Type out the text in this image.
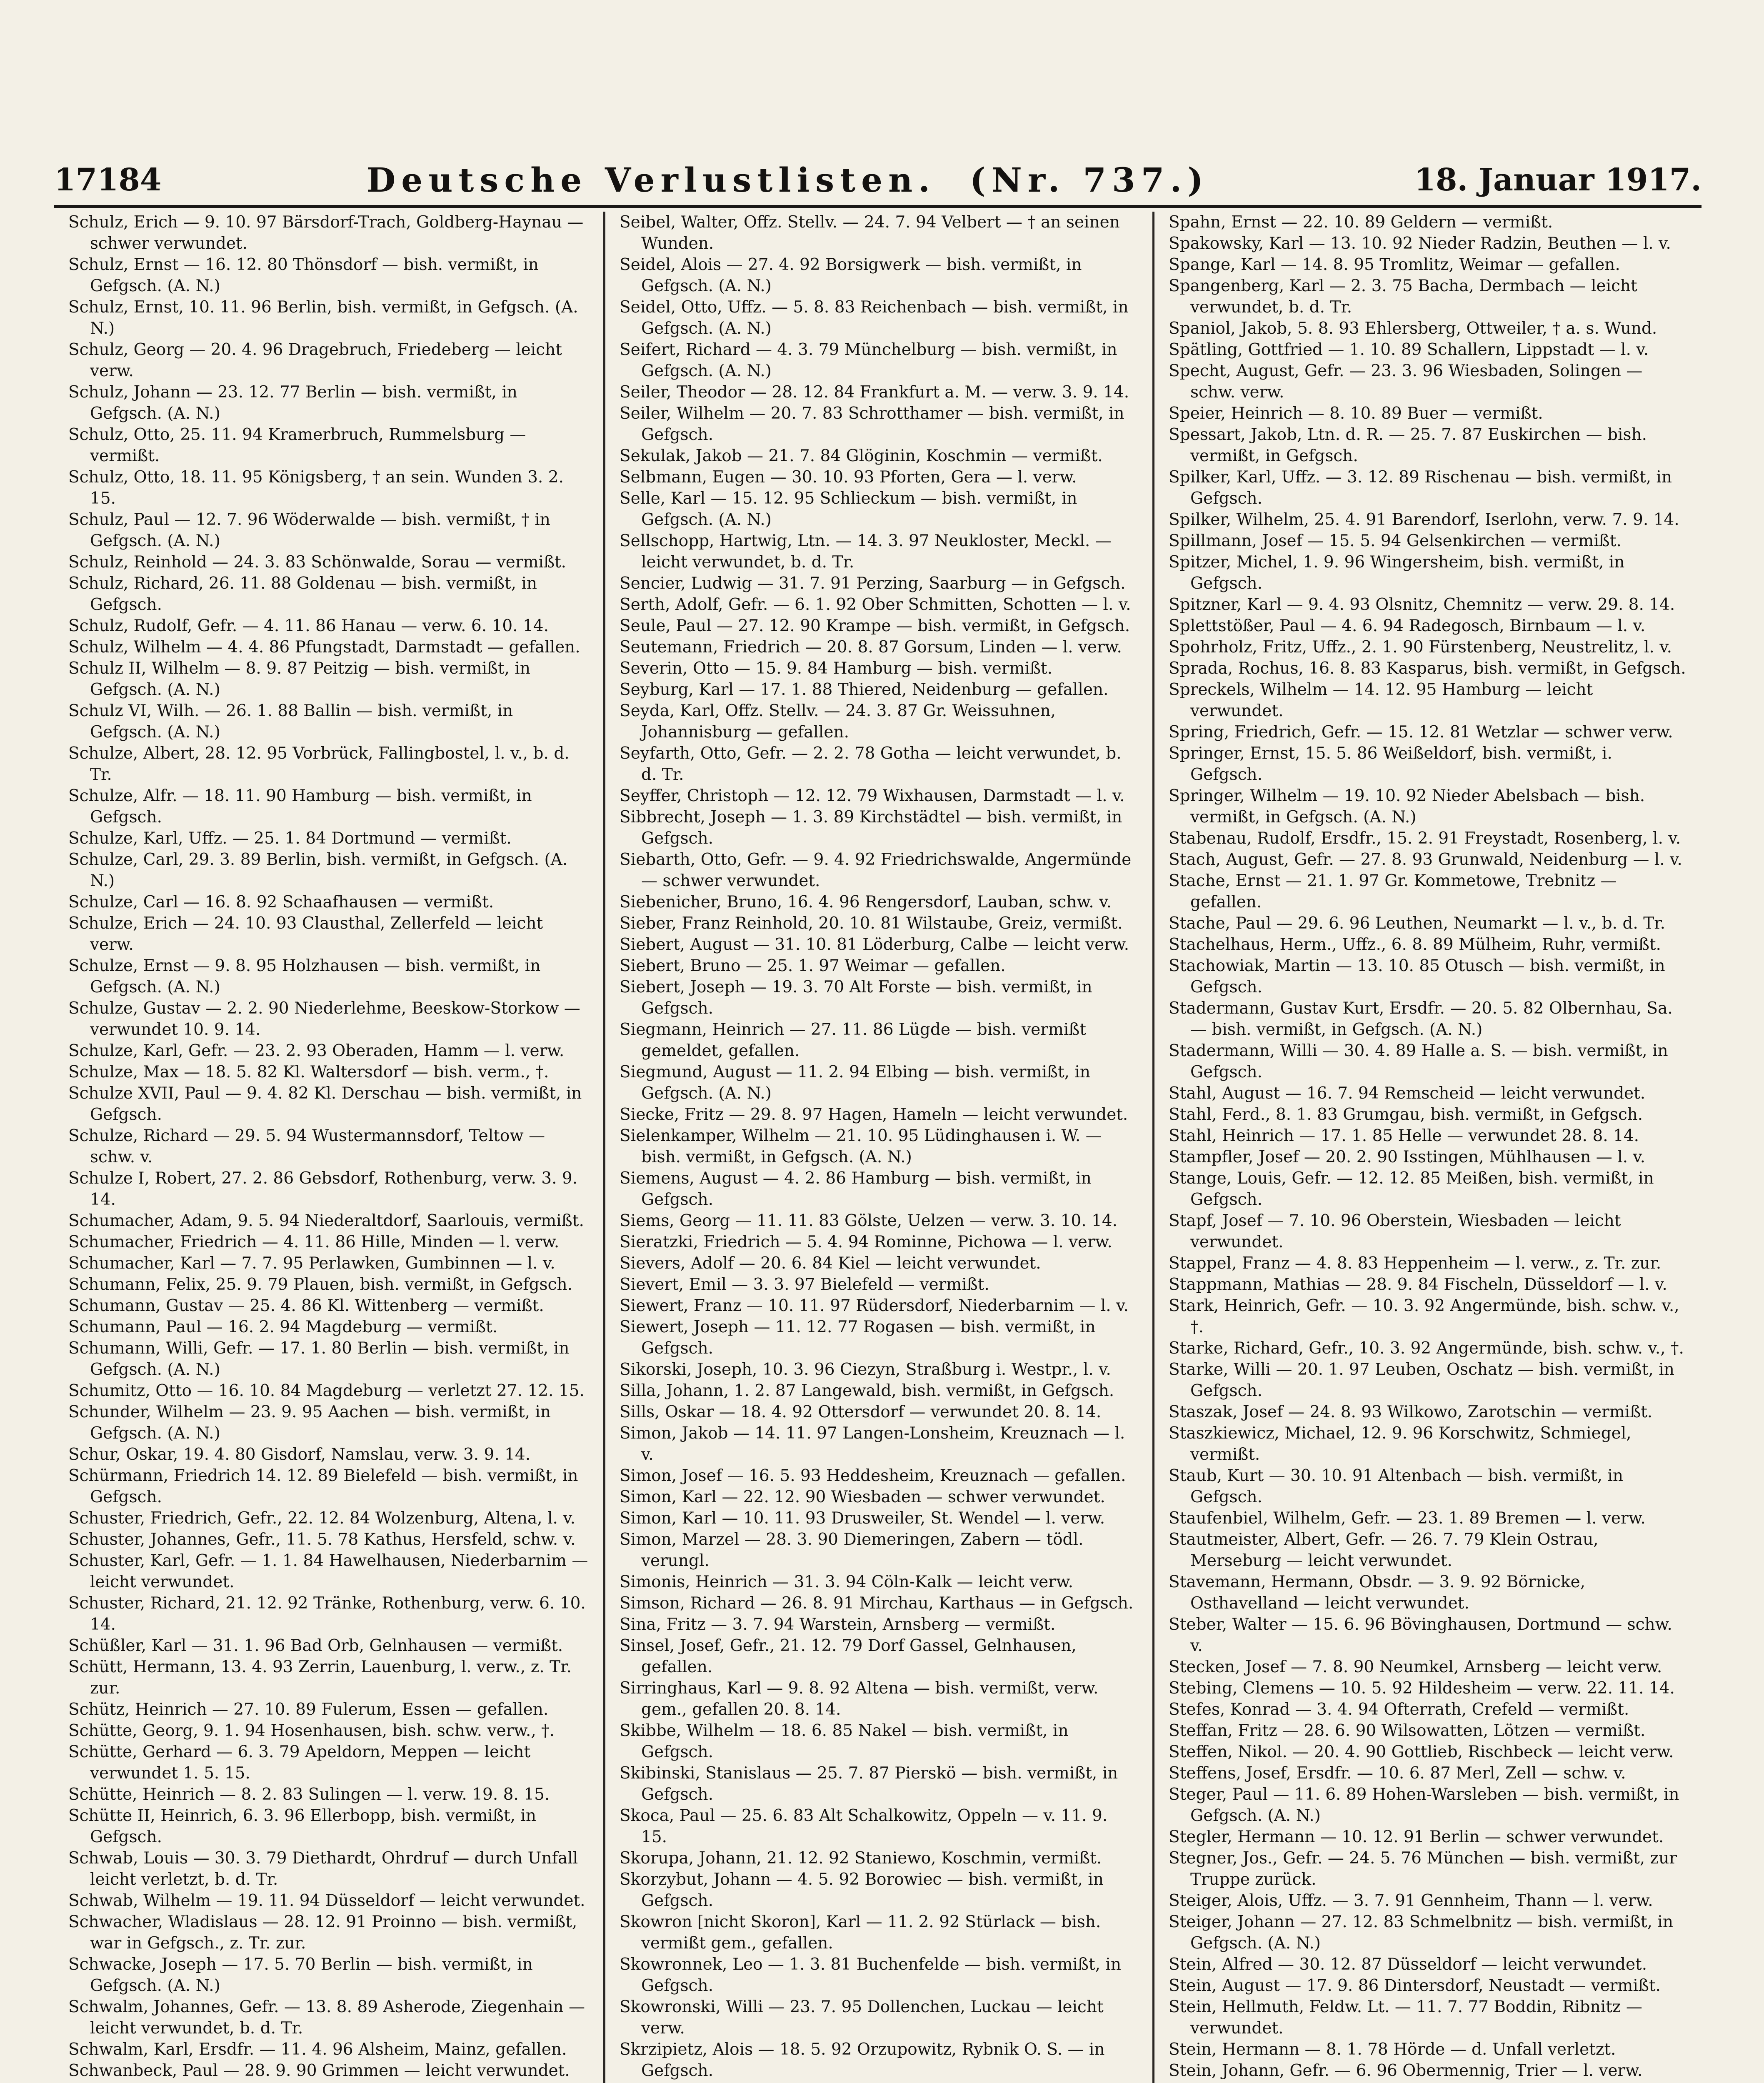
17184	Deutsche Verlustlisten. (Nr. 737.)	18. Januar 1917.

Schulz, Erich — 9. 10. 97 Bärsdorf-Trach, Goldberg-Haynau — schwer verwundet.

Schulz, Ernst — 16. 12. 80 Thönsdorf — bish. vermißt, in Gefgsch. (A. N.)

Schulz, Ernst, 10. 11. 96 Berlin, bish. vermißt, in Gefgsch. (A. N.)

Schulz, Georg — 20. 4. 96 Dragebruch, Friedeberg — leicht verw.

Schulz, Johann — 23. 12. 77 Berlin — bish. vermißt, in Gefgsch. (A. N.)

Schulz, Otto, 25. 11. 94 Kramerbruch, Rummelsburg — vermißt.

Schulz, Otto, 18. 11. 95 Königsberg, † an sein. Wunden 3. 2. 15.

Schulz, Paul — 12. 7. 96 Wöderwalde — bish. vermißt, † in Gefgsch. (A. N.)

Schulz, Reinhold — 24. 3. 83 Schönwalde, Sorau — vermißt.

Schulz, Richard, 26. 11. 88 Goldenau — bish. vermißt, in Gefgsch.

Schulz, Rudolf, Gefr. — 4. 11. 86 Hanau — verw. 6. 10. 14.

Schulz, Wilhelm — 4. 4. 86 Pfungstadt, Darmstadt — gefallen.

Schulz II, Wilhelm — 8. 9. 87 Peitzig — bish. vermißt, in Gefgsch. (A. N.)

Schulz VI, Wilh. — 26. 1. 88 Ballin — bish. vermißt, in Gefgsch. (A. N.)

Schulze, Albert, 28. 12. 95 Vorbrück, Fallingbostel, l. v., b. d. Tr.

Schulze, Alfr. — 18. 11. 90 Hamburg — bish. vermißt, in Gefgsch.

Schulze, Karl, Uffz. — 25. 1. 84 Dortmund — vermißt.

Schulze, Carl, 29. 3. 89 Berlin, bish. vermißt, in Gefgsch. (A. N.)

Schulze, Carl — 16. 8. 92 Schaafhausen — vermißt.

Schulze, Erich — 24. 10. 93 Clausthal, Zellerfeld — leicht verw.

Schulze, Ernst — 9. 8. 95 Holzhausen — bish. vermißt, in Gefgsch. (A. N.)

Schulze, Gustav — 2. 2. 90 Niederlehme, Beeskow-Storkow — verwundet 10. 9. 14.

Schulze, Karl, Gefr. — 23. 2. 93 Oberaden, Hamm — l. verw.

Schulze, Max — 18. 5. 82 Kl. Waltersdorf — bish. verm., †.

Schulze XVII, Paul — 9. 4. 82 Kl. Derschau — bish. vermißt, in Gefgsch.

Schulze, Richard — 29. 5. 94 Wustermannsdorf, Teltow — schw. v.

Schulze I, Robert, 27. 2. 86 Gebsdorf, Rothenburg, verw. 3. 9. 14.

Schumacher, Adam, 9. 5. 94 Niederaltdorf, Saarlouis, vermißt.

Schumacher, Friedrich — 4. 11. 86 Hille, Minden — l. verw.

Schumacher, Karl — 7. 7. 95 Perlawken, Gumbinnen — l. v.

Schumann, Felix, 25. 9. 79 Plauen, bish. vermißt, in Gefgsch.

Schumann, Gustav — 25. 4. 86 Kl. Wittenberg — vermißt.

Schumann, Paul — 16. 2. 94 Magdeburg — vermißt.

Schumann, Willi, Gefr. — 17. 1. 80 Berlin — bish. vermißt, in Gefgsch. (A. N.)

Schumitz, Otto — 16. 10. 84 Magdeburg — verletzt 27. 12. 15.

Schunder, Wilhelm — 23. 9. 95 Aachen — bish. vermißt, in Gefgsch. (A. N.)

Schur, Oskar, 19. 4. 80 Gisdorf, Namslau, verw. 3. 9. 14.

Schürmann, Friedrich 14. 12. 89 Bielefeld — bish. vermißt, in Gefgsch.

Schuster, Friedrich, Gefr., 22. 12. 84 Wolzenburg, Altena, l. v.

Schuster, Johannes, Gefr., 11. 5. 78 Kathus, Hersfeld, schw. v.

Schuster, Karl, Gefr. — 1. 1. 84 Hawelhausen, Niederbarnim — leicht verwundet.

Schuster, Richard, 21. 12. 92 Tränke, Rothenburg, verw. 6. 10. 14.

Schüßler, Karl — 31. 1. 96 Bad Orb, Gelnhausen — vermißt.

Schütt, Hermann, 13. 4. 93 Zerrin, Lauenburg, l. verw., z. Tr. zur.

Schütz, Heinrich — 27. 10. 89 Fulerum, Essen — gefallen.

Schütte, Georg, 9. 1. 94 Hosenhausen, bish. schw. verw., †.

Schütte, Gerhard — 6. 3. 79 Apeldorn, Meppen — leicht verwundet 1. 5. 15.

Schütte, Heinrich — 8. 2. 83 Sulingen — l. verw. 19. 8. 15.

Schütte II, Heinrich, 6. 3. 96 Ellerbopp, bish. vermißt, in Gefgsch.

Schwab, Louis — 30. 3. 79 Diethardt, Ohrdruf — durch Unfall leicht verletzt, b. d. Tr.

Schwab, Wilhelm — 19. 11. 94 Düsseldorf — leicht verwundet.

Schwacher, Wladislaus — 28. 12. 91 Proinno — bish. vermißt, war in Gefgsch., z. Tr. zur.

Schwacke, Joseph — 17. 5. 70 Berlin — bish. vermißt, in Gefgsch. (A. N.)

Schwalm, Johannes, Gefr. — 13. 8. 89 Asherode, Ziegenhain — leicht verwundet, b. d. Tr.

Schwalm, Karl, Ersdfr. — 11. 4. 96 Alsheim, Mainz, gefallen.

Schwanbeck, Paul — 28. 9. 90 Grimmen — leicht verwundet.

Seibel, Walter, Offz. Stellv. — 24. 7. 94 Velbert — † an seinen Wunden.

Seidel, Alois — 27. 4. 92 Borsigwerk — bish. vermißt, in Gefgsch. (A. N.)

Seidel, Otto, Uffz. — 5. 8. 83 Reichenbach — bish. vermißt, in Gefgsch. (A. N.)

Seifert, Richard — 4. 3. 79 Münchelburg — bish. vermißt, in Gefgsch. (A. N.)

Seiler, Theodor — 28. 12. 84 Frankfurt a. M. — verw. 3. 9. 14.

Seiler, Wilhelm — 20. 7. 83 Schrotthamer — bish. vermißt, in Gefgsch.

Sekulak, Jakob — 21. 7. 84 Glöginin, Koschmin — vermißt.

Selbmann, Eugen — 30. 10. 93 Pforten, Gera — l. verw.

Selle, Karl — 15. 12. 95 Schlieckum — bish. vermißt, in Gefgsch. (A. N.)

Sellschopp, Hartwig, Ltn. — 14. 3. 97 Neukloster, Meckl. — leicht verwundet, b. d. Tr.

Sencier, Ludwig — 31. 7. 91 Perzing, Saarburg — in Gefgsch.

Serth, Adolf, Gefr. — 6. 1. 92 Ober Schmitten, Schotten — l. v.

Seule, Paul — 27. 12. 90 Krampe — bish. vermißt, in Gefgsch.

Seutemann, Friedrich — 20. 8. 87 Gorsum, Linden — l. verw.

Severin, Otto — 15. 9. 84 Hamburg — bish. vermißt.

Seyburg, Karl — 17. 1. 88 Thiered, Neidenburg — gefallen.

Seyda, Karl, Offz. Stellv. — 24. 3. 87 Gr. Weissuhnen, Johannisburg — gefallen.

Seyfarth, Otto, Gefr. — 2. 2. 78 Gotha — leicht verwundet, b. d. Tr.

Seyffer, Christoph — 12. 12. 79 Wixhausen, Darmstadt — l. v.

Sibbrecht, Joseph — 1. 3. 89 Kirchstädtel — bish. vermißt, in Gefgsch.

Siebarth, Otto, Gefr. — 9. 4. 92 Friedrichswalde, Angermünde — schwer verwundet.

Siebenicher, Bruno, 16. 4. 96 Rengersdorf, Lauban, schw. v.

Sieber, Franz Reinhold, 20. 10. 81 Wilstaube, Greiz, vermißt.

Siebert, August — 31. 10. 81 Löderburg, Calbe — leicht verw.

Siebert, Bruno — 25. 1. 97 Weimar — gefallen.

Siebert, Joseph — 19. 3. 70 Alt Forste — bish. vermißt, in Gefgsch.

Siegmann, Heinrich — 27. 11. 86 Lügde — bish. vermißt gemeldet, gefallen.

Siegmund, August — 11. 2. 94 Elbing — bish. vermißt, in Gefgsch. (A. N.)

Siecke, Fritz — 29. 8. 97 Hagen, Hameln — leicht verwundet.

Sielenkamper, Wilhelm — 21. 10. 95 Lüdinghausen i. W. — bish. vermißt, in Gefgsch. (A. N.)

Siemens, August — 4. 2. 86 Hamburg — bish. vermißt, in Gefgsch.

Siems, Georg — 11. 11. 83 Gölste, Uelzen — verw. 3. 10. 14.

Sieratzki, Friedrich — 5. 4. 94 Rominne, Pichowa — l. verw.

Sievers, Adolf — 20. 6. 84 Kiel — leicht verwundet.

Sievert, Emil — 3. 3. 97 Bielefeld — vermißt.

Siewert, Franz — 10. 11. 97 Rüdersdorf, Niederbarnim — l. v.

Siewert, Joseph — 11. 12. 77 Rogasen — bish. vermißt, in Gefgsch.

Sikorski, Joseph, 10. 3. 96 Ciezyn, Straßburg i. Westpr., l. v.

Silla, Johann, 1. 2. 87 Langewald, bish. vermißt, in Gefgsch.

Sills, Oskar — 18. 4. 92 Ottersdorf — verwundet 20. 8. 14.

Simon, Jakob — 14. 11. 97 Langen-Lonsheim, Kreuznach — l. v.

Simon, Josef — 16. 5. 93 Heddesheim, Kreuznach — gefallen.

Simon, Karl — 22. 12. 90 Wiesbaden — schwer verwundet.

Simon, Karl — 10. 11. 93 Drusweiler, St. Wendel — l. verw.

Simon, Marzel — 28. 3. 90 Diemeringen, Zabern — tödl. verungl.

Simonis, Heinrich — 31. 3. 94 Cöln-Kalk — leicht verw.

Simson, Richard — 26. 8. 91 Mirchau, Karthaus — in Gefgsch.

Sina, Fritz — 3. 7. 94 Warstein, Arnsberg — vermißt.

Sinsel, Josef, Gefr., 21. 12. 79 Dorf Gassel, Gelnhausen, gefallen.

Sirringhaus, Karl — 9. 8. 92 Altena — bish. vermißt, verw. gem., gefallen 20. 8. 14.

Skibbe, Wilhelm — 18. 6. 85 Nakel — bish. vermißt, in Gefgsch.

Skibinski, Stanislaus — 25. 7. 87 Pierskö — bish. vermißt, in Gefgsch.

Skoca, Paul — 25. 6. 83 Alt Schalkowitz, Oppeln — v. 11. 9. 15.

Skorupa, Johann, 21. 12. 92 Staniewo, Koschmin, vermißt.

Skorzybut, Johann — 4. 5. 92 Borowiec — bish. vermißt, in Gefgsch.

Skowron [nicht Skoron], Karl — 11. 2. 92 Stürlack — bish. vermißt gem., gefallen.

Skowronnek, Leo — 1. 3. 81 Buchenfelde — bish. vermißt, in Gefgsch.

Skowronski, Willi — 23. 7. 95 Dollenchen, Luckau — leicht verw.

Skrzipietz, Alois — 18. 5. 92 Orzupowitz, Rybnik O. S. — in Gefgsch.

Spahn, Ernst — 22. 10. 89 Geldern — vermißt.

Spakowsky, Karl — 13. 10. 92 Nieder Radzin, Beuthen — l. v.

Spange, Karl — 14. 8. 95 Tromlitz, Weimar — gefallen.

Spangenberg, Karl — 2. 3. 75 Bacha, Dermbach — leicht verwundet, b. d. Tr.

Spaniol, Jakob, 5. 8. 93 Ehlersberg, Ottweiler, † a. s. Wund.

Spätling, Gottfried — 1. 10. 89 Schallern, Lippstadt — l. v.

Specht, August, Gefr. — 23. 3. 96 Wiesbaden, Solingen — schw. verw.

Speier, Heinrich — 8. 10. 89 Buer — vermißt.

Spessart, Jakob, Ltn. d. R. — 25. 7. 87 Euskirchen — bish. vermißt, in Gefgsch.

Spilker, Karl, Uffz. — 3. 12. 89 Rischenau — bish. vermißt, in Gefgsch.

Spilker, Wilhelm, 25. 4. 91 Barendorf, Iserlohn, verw. 7. 9. 14.

Spillmann, Josef — 15. 5. 94 Gelsenkirchen — vermißt.

Spitzer, Michel, 1. 9. 96 Wingersheim, bish. vermißt, in Gefgsch.

Spitzner, Karl — 9. 4. 93 Olsnitz, Chemnitz — verw. 29. 8. 14.

Splettstößer, Paul — 4. 6. 94 Radegosch, Birnbaum — l. v.

Spohrholz, Fritz, Uffz., 2. 1. 90 Fürstenberg, Neustrelitz, l. v.

Sprada, Rochus, 16. 8. 83 Kasparus, bish. vermißt, in Gefgsch.

Spreckels, Wilhelm — 14. 12. 95 Hamburg — leicht verwundet.

Spring, Friedrich, Gefr. — 15. 12. 81 Wetzlar — schwer verw.

Springer, Ernst, 15. 5. 86 Weißeldorf, bish. vermißt, i. Gefgsch.

Springer, Wilhelm — 19. 10. 92 Nieder Abelsbach — bish. vermißt, in Gefgsch. (A. N.)

Stabenau, Rudolf, Ersdfr., 15. 2. 91 Freystadt, Rosenberg, l. v.

Stach, August, Gefr. — 27. 8. 93 Grunwald, Neidenburg — l. v.

Stache, Ernst — 21. 1. 97 Gr. Kommetowe, Trebnitz — gefallen.

Stache, Paul — 29. 6. 96 Leuthen, Neumarkt — l. v., b. d. Tr.

Stachelhaus, Herm., Uffz., 6. 8. 89 Mülheim, Ruhr, vermißt.

Stachowiak, Martin — 13. 10. 85 Otusch — bish. vermißt, in Gefgsch.

Stadermann, Gustav Kurt, Ersdfr. — 20. 5. 82 Olbernhau, Sa. — bish. vermißt, in Gefgsch. (A. N.)

Stadermann, Willi — 30. 4. 89 Halle a. S. — bish. vermißt, in Gefgsch.

Stahl, August — 16. 7. 94 Remscheid — leicht verwundet.

Stahl, Ferd., 8. 1. 83 Grumgau, bish. vermißt, in Gefgsch.

Stahl, Heinrich — 17. 1. 85 Helle — verwundet 28. 8. 14.

Stampfler, Josef — 20. 2. 90 Isstingen, Mühlhausen — l. v.

Stange, Louis, Gefr. — 12. 12. 85 Meißen, bish. vermißt, in Gefgsch.

Stapf, Josef — 7. 10. 96 Oberstein, Wiesbaden — leicht verwundet.

Stappel, Franz — 4. 8. 83 Heppenheim — l. verw., z. Tr. zur.

Stappmann, Mathias — 28. 9. 84 Fischeln, Düsseldorf — l. v.

Stark, Heinrich, Gefr. — 10. 3. 92 Angermünde, bish. schw. v., †.

Starke, Richard, Gefr., 10. 3. 92 Angermünde, bish. schw. v., †.

Starke, Willi — 20. 1. 97 Leuben, Oschatz — bish. vermißt, in Gefgsch.

Staszak, Josef — 24. 8. 93 Wilkowo, Zarotschin — vermißt.

Staszkiewicz, Michael, 12. 9. 96 Korschwitz, Schmiegel, vermißt.

Staub, Kurt — 30. 10. 91 Altenbach — bish. vermißt, in Gefgsch.

Staufenbiel, Wilhelm, Gefr. — 23. 1. 89 Bremen — l. verw.

Stautmeister, Albert, Gefr. — 26. 7. 79 Klein Ostrau, Merseburg — leicht verwundet.

Stavemann, Hermann, Obsdr. — 3. 9. 92 Börnicke, Osthavelland — leicht verwundet.

Steber, Walter — 15. 6. 96 Bövinghausen, Dortmund — schw. v.

Stecken, Josef — 7. 8. 90 Neumkel, Arnsberg — leicht verw.

Stebing, Clemens — 10. 5. 92 Hildesheim — verw. 22. 11. 14.

Stefes, Konrad — 3. 4. 94 Ofterrath, Crefeld — vermißt.

Steffan, Fritz — 28. 6. 90 Wilsowatten, Lötzen — vermißt.

Steffen, Nikol. — 20. 4. 90 Gottlieb, Rischbeck — leicht verw.

Steffens, Josef, Ersdfr. — 10. 6. 87 Merl, Zell — schw. v.

Steger, Paul — 11. 6. 89 Hohen-Warsleben — bish. vermißt, in Gefgsch. (A. N.)

Stegler, Hermann — 10. 12. 91 Berlin — schwer verwundet.

Stegner, Jos., Gefr. — 24. 5. 76 München — bish. vermißt, zur Truppe zurück.

Steiger, Alois, Uffz. — 3. 7. 91 Gennheim, Thann — l. verw.

Steiger, Johann — 27. 12. 83 Schmelbnitz — bish. vermißt, in Gefgsch. (A. N.)

Stein, Alfred — 30. 12. 87 Düsseldorf — leicht verwundet.

Stein, August — 17. 9. 86 Dintersdorf, Neustadt — vermißt.

Stein, Hellmuth, Feldw. Lt. — 11. 7. 77 Boddin, Ribnitz — verwundet.

Stein, Hermann — 8. 1. 78 Hörde — d. Unfall verletzt.

Stein, Johann, Gefr. — 6. 96 Obermennig, Trier — l. verw.
